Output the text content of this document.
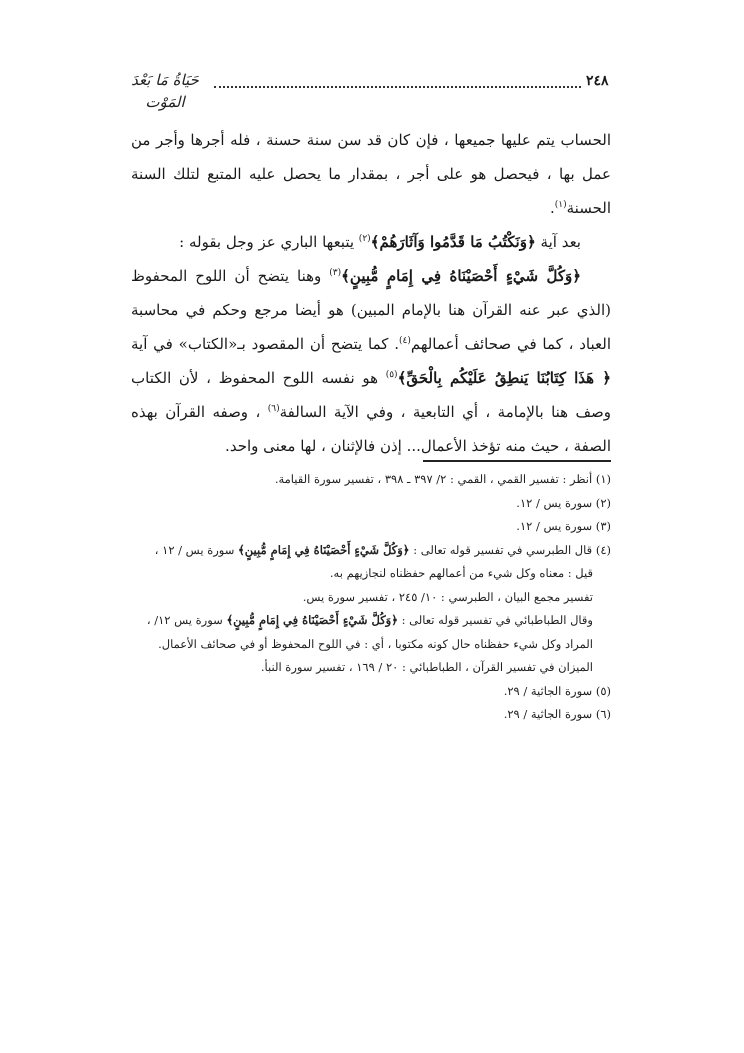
٢٤٨
حَيَاةُ مَا بَعْدَ المَوْت

الحساب يتم عليها جميعها ، فإن كان قد سن سنة حسنة ، فله أجرها وأجر من عمل بها ، فيحصل هو على أجر ، بمقدار ما يحصل عليه المتبع لتلك السنة الحسنة$^{(١)}$.

بعد آية ﴿وَنَكْتُبُ مَا قَدَّمُوا وَآثَارَهُمْ﴾$^{(٢)}$ يتبعها الباري عز وجل بقوله :

﴿وَكُلَّ شَيْءٍ أَحْصَيْنَاهُ فِي إِمَامٍ مُّبِينٍ﴾$^{(٣)}$ وهنا يتضح أن اللوح المحفوظ (الذي عبر عنه القرآن هنا بالإمام المبين) هو أيضا مرجع وحكم في محاسبة العباد ، كما في صحائف أعمالهم$^{(٤)}$. كما يتضح أن المقصود بـ«الكتاب» في آية ﴿ هَذَا كِتَابُنَا يَنطِقُ عَلَيْكُم بِالْحَقِّ﴾$^{(٥)}$ هو نفسه اللوح المحفوظ ، لأن الكتاب وصف هنا بالإمامة ، أي التابعية ، وفي الآية السالفة$^{(٦)}$ ، وصفه القرآن بهذه الصفة ، حيث منه تؤخذ الأعمال... إذن فالإثنان ، لها معنى واحد.

(١) أنظر : تفسير القمي ، القمي : ٢/ ٣٩٧ ـ ٣٩٨ ، تفسير سورة القيامة.

(٢) سورة يس / ١٢.

(٣) سورة يس / ١٢.

(٤) قال الطبرسي في تفسير قوله تعالى : ﴿وَكُلَّ شَيْءٍ أَحْصَيْنَاهُ فِي إِمَامٍ مُّبِينٍ﴾ سورة يس / ١٢ ،

قيل : معناه وكل شيء من أعمالهم حفظناه لنجازيهم به.

تفسير مجمع البيان ، الطبرسي : ١٠/ ٢٤٥ ، تفسير سورة يس.

وقال الطباطبائي في تفسير قوله تعالى : ﴿وَكُلَّ شَيْءٍ أَحْصَيْنَاهُ فِي إِمَامٍ مُّبِينٍ﴾ سورة يس ١٢/ ،

المراد وكل شيء حفظناه حال كونه مكتوبا ، أي : في اللوح المحفوظ أو في صحائف الأعمال.

الميزان في تفسير القرآن ، الطباطبائي : ٢٠ / ١٦٩ ، تفسير سورة النبأ.

(٥) سورة الجاثية / ٢٩.

(٦) سورة الجاثية / ٢٩.
